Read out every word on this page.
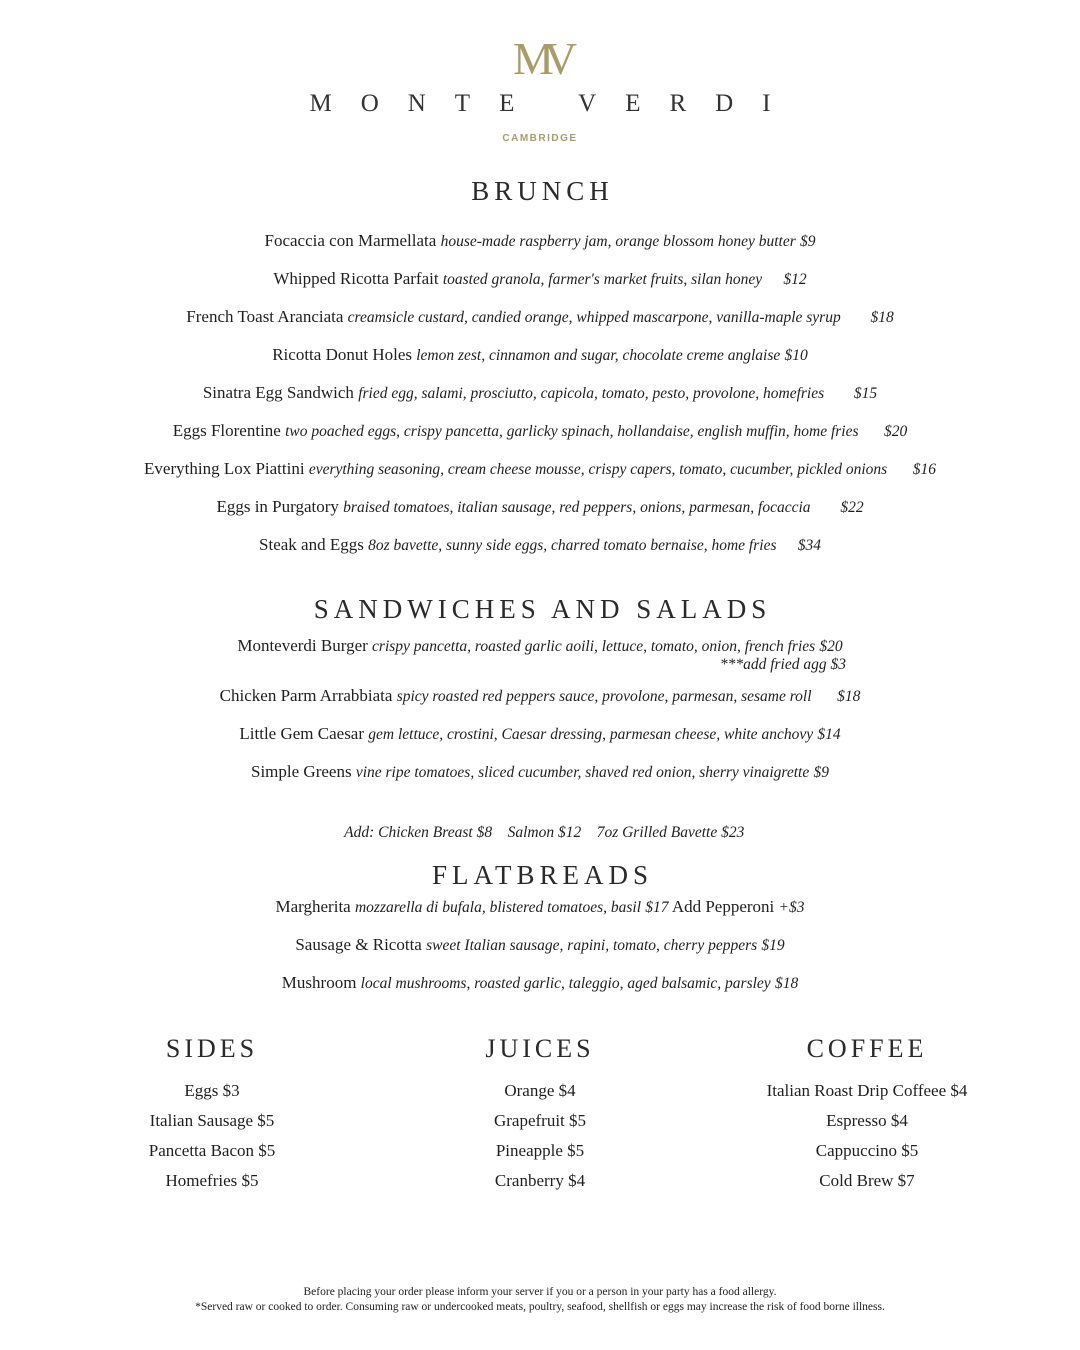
MV
MONTE VERDI
CAMBRIDGE
BRUNCH

Focaccia con Marmellata house-made raspberry jam, orange blossom honey butter $9

Whipped Ricotta Parfait toasted granola, farmer's market fruits, silan honey $12

French Toast Aranciata creamsicle custard, candied orange, whipped mascarpone, vanilla-maple syrup $18

Ricotta Donut Holes lemon zest, cinnamon and sugar, chocolate creme anglaise $10

Sinatra Egg Sandwich fried egg, salami, prosciutto, capicola, tomato, pesto, provolone, homefries $15

Eggs Florentine two poached eggs, crispy pancetta, garlicky spinach, hollandaise, english muffin, home fries $20

Everything Lox Piattini everything seasoning, cream cheese mousse, crispy capers, tomato, cucumber, pickled onions $16

Eggs in Purgatory braised tomatoes, italian sausage, red peppers, onions, parmesan, focaccia $22

Steak and Eggs 8oz bavette, sunny side eggs, charred tomato bernaise, home fries $34

SANDWICHES AND SALADS

Monteverdi Burger crispy pancetta, roasted garlic aoili, lettuce, tomato, onion, french fries $20

***add fried agg $3

Chicken Parm Arrabbiata spicy roasted red peppers sauce, provolone, parmesan, sesame roll $18

Little Gem Caesar gem lettuce, crostini, Caesar dressing, parmesan cheese, white anchovy $14

Simple Greens vine ripe tomatoes, sliced cucumber, shaved red onion, sherry vinaigrette $9

Add: Chicken Breast $8    Salmon $12    7oz Grilled Bavette $23

FLATBREADS

Margherita mozzarella di bufala, blistered tomatoes, basil $17 Add Pepperoni +$3

Sausage & Ricotta sweet Italian sausage, rapini, tomato, cherry peppers $19

Mushroom local mushrooms, roasted garlic, taleggio, aged balsamic, parsley $18

SIDES
Eggs $3
Italian Sausage $5
Pancetta Bacon $5
Homefries $5
JUICES
Orange $4
Grapefruit $5
Pineapple $5
Cranberry $4
COFFEE
Italian Roast Drip Coffeee $4
Espresso $4
Cappuccino $5
Cold Brew $7
Before placing your order please inform your server if you or a person in your party has a food allergy.
*Served raw or cooked to order. Consuming raw or undercooked meats, poultry, seafood, shellfish or eggs may increase the risk of food borne illness.
